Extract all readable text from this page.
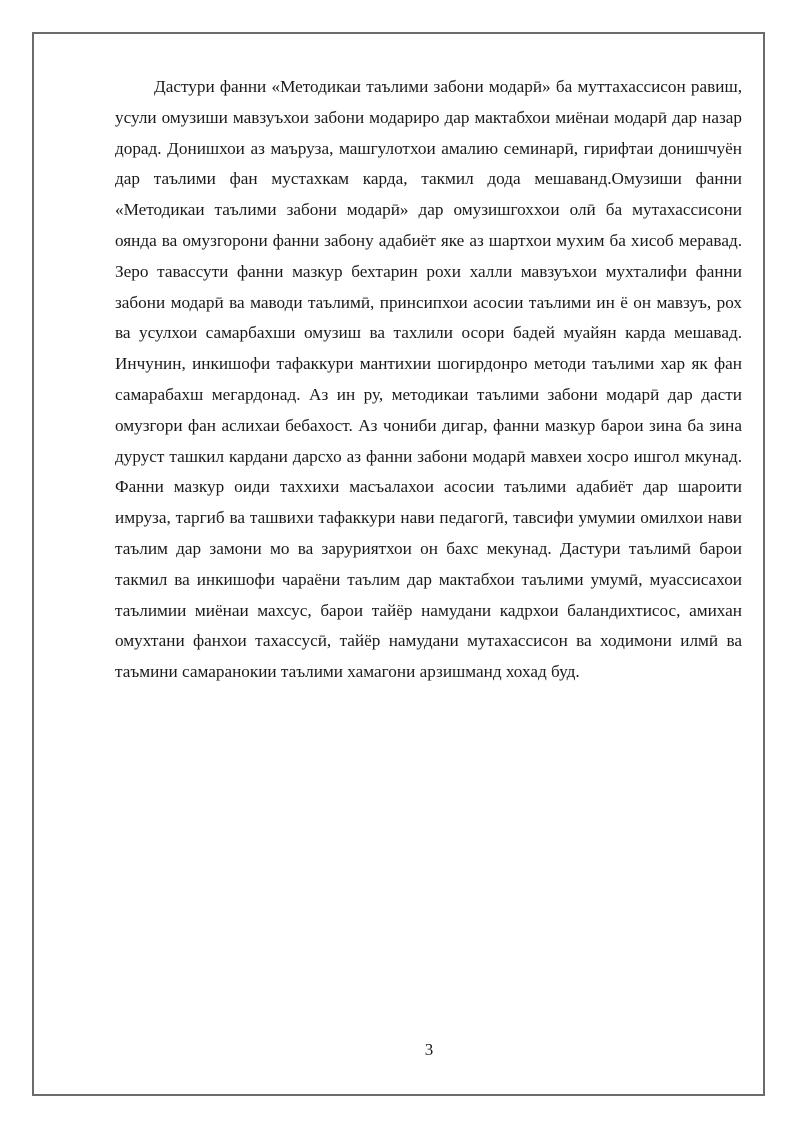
Дастури фанни «Методикаи таълими забони модарӣ» ба муттахассисон равиш, усули омузиши мавзуъхои забони модариро дар мактабхои миёнаи модарӣ дар назар дорад. Донишхои аз маъруза, машгулотхои амалию семинарӣ, гирифтаи донишчуён дар таълими фан мустахкам карда, такмил дода мешаванд.Омузиши фанни «Методикаи таълими забони модарӣ» дар омузишгоххои олӣ ба мутахассисони оянда ва омузгорони фанни забону адабиёт яке аз шартхои мухим ба хисоб меравад. Зеро тавассути фанни мазкур бехтарин рохи халли мавзуъхои мухталифи фанни забони модарӣ ва маводи таълимӣ, принсипхои асосии таълими ин ё он мавзуъ, рох ва усулхои самарбахши омузиш ва тахлили осори бадей муайян карда мешавад. Инчунин, инкишофи тафаккури мантихии шогирдонро методи таълими хар як фан самарабахш мегардонад. Аз ин ру, методикаи таълими забони модарӣ дар дасти омузгори фан аслихаи бебахост. Аз чониби дигар, фанни мазкур барои зина ба зина дуруст ташкил кардани дарсхо аз фанни забони модарӣ мавхеи хосро ишгол мкунад. Фанни мазкур оиди таххихи масъалахои асосии таълими адабиёт дар шароити имруза, таргиб ва ташвихи тафаккури нави педагогӣ, тавсифи умумии омилхои нави таълим дар замони мо ва заруриятхои он бахс мекунад. Дастури таълимӣ барои такмил ва инкишофи чараёни таълим дар мактабхои таълими умумӣ, муассисахои таълимии миёнаи махсус, барои тайёр намудани кадрхои баландихтисос, амихан омухтани фанхои тахассусӣ, тайёр намудани мутахассисон ва ходимони илмӣ ва таъмини самаранокии таълими хамагони арзишманд хохад буд.

3
